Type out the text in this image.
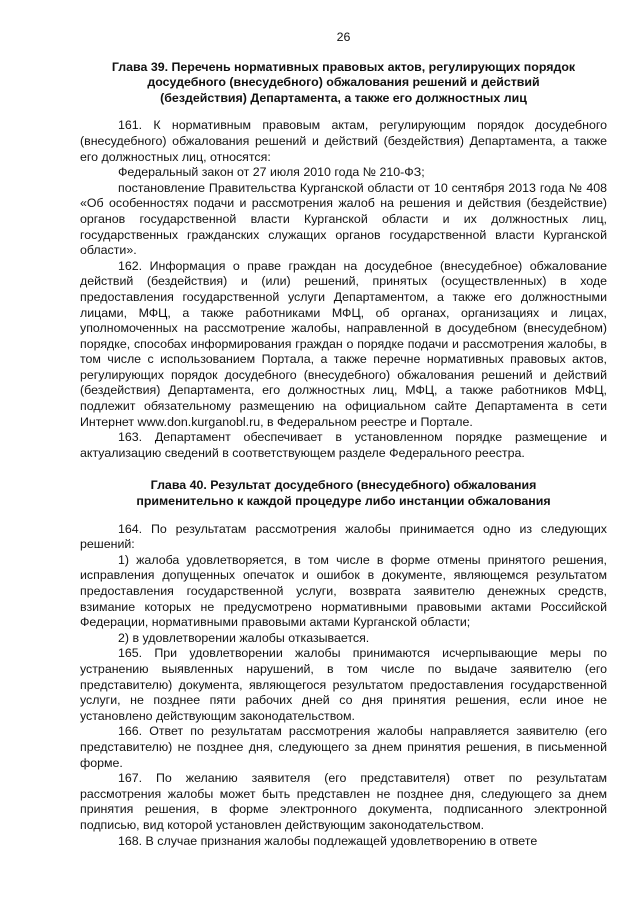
26
Глава 39. Перечень нормативных правовых актов, регулирующих порядок
досудебного (внесудебного) обжалования решений и действий
(бездействия) Департамента, а также его должностных лиц

161. К нормативным правовым актам, регулирующим порядок досудебного (внесудебного) обжалования решений и действий (бездействия) Департамента, а также его должностных лиц, относятся:

Федеральный закон от 27 июля 2010 года № 210-ФЗ;

постановление Правительства Курганской области от 10 сентября 2013 года № 408 «Об особенностях подачи и рассмотрения жалоб на решения и действия (бездействие) органов государственной власти Курганской области и их должностных лиц, государственных гражданских служащих органов государственной власти Курганской области».

162. Информация о праве граждан на досудебное (внесудебное) обжалование действий (бездействия) и (или) решений, принятых (осуществленных) в ходе предоставления государственной услуги Департаментом, а также его должностными лицами, МФЦ, а также работниками МФЦ, об органах, организациях и лицах, уполномоченных на рассмотрение жалобы, направленной в досудебном (внесудебном) порядке, способах информирования граждан о порядке подачи и рассмотрения жалобы, в том числе с использованием Портала, а также перечне нормативных правовых актов, регулирующих порядок досудебного (внесудебного) обжалования решений и действий (бездействия) Департамента, его должностных лиц, МФЦ, а также работников МФЦ, подлежит обязательному размещению на официальном сайте Департамента в сети Интернет www.don.kurganobl.ru, в Федеральном реестре и Портале.

163. Департамент обеспечивает в установленном порядке размещение и актуализацию сведений в соответствующем разделе Федерального реестра.

Глава 40. Результат досудебного (внесудебного) обжалования
применительно к каждой процедуре либо инстанции обжалования

164. По результатам рассмотрения жалобы принимается одно из следующих решений:

1) жалоба удовлетворяется, в том числе в форме отмены принятого решения, исправления допущенных опечаток и ошибок в документе, являющемся результатом предоставления государственной услуги, возврата заявителю денежных средств, взимание которых не предусмотрено нормативными правовыми актами Российской Федерации, нормативными правовыми актами Курганской области;

2) в удовлетворении жалобы отказывается.

165. При удовлетворении жалобы принимаются исчерпывающие меры по устранению выявленных нарушений, в том числе по выдаче заявителю (его представителю) документа, являющегося результатом предоставления государственной услуги, не позднее пяти рабочих дней со дня принятия решения, если иное не установлено действующим законодательством.

166. Ответ по результатам рассмотрения жалобы направляется заявителю (его представителю) не позднее дня, следующего за днем принятия решения, в письменной форме.

167. По желанию заявителя (его представителя) ответ по результатам рассмотрения жалобы может быть представлен не позднее дня, следующего за днем принятия решения, в форме электронного документа, подписанного электронной подписью, вид которой установлен действующим законодательством.

168. В случае признания жалобы подлежащей удовлетворению в ответе
